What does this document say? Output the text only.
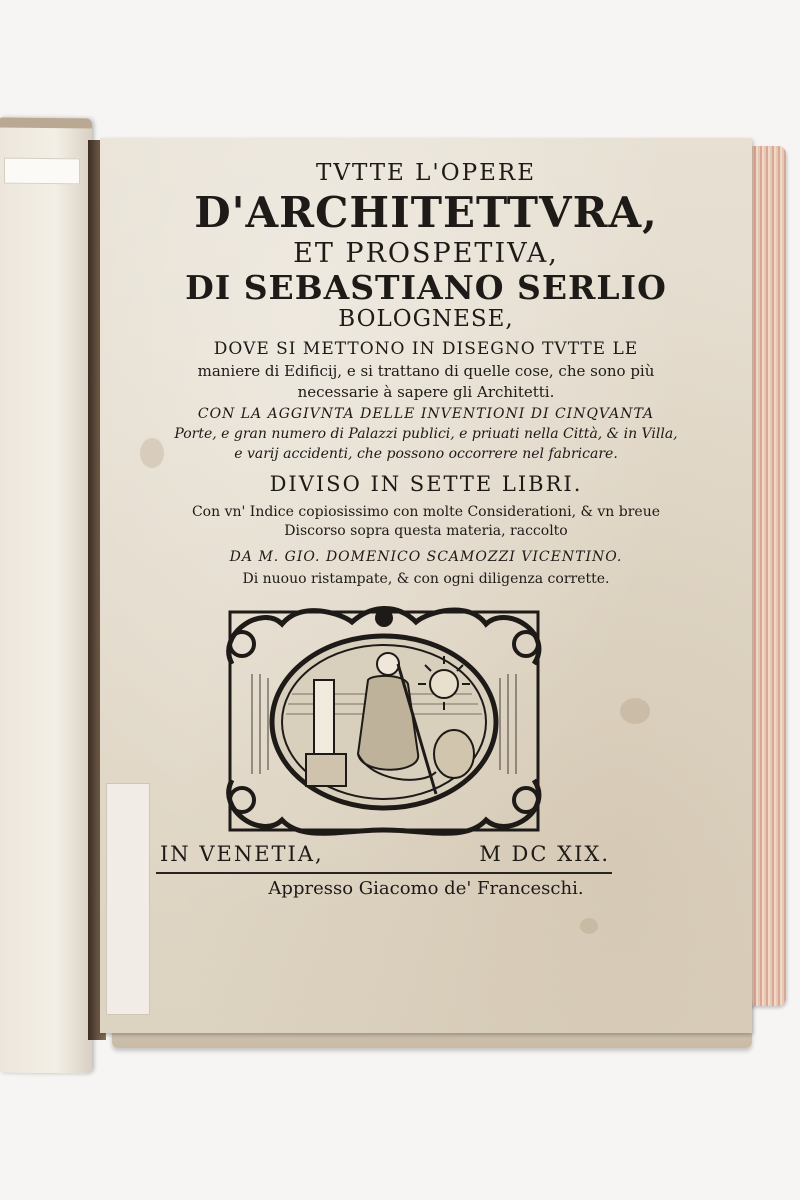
TVTTE L'OPERE
D'ARCHITETTVRA,
ET PROSPETIVA,
DI SEBASTIANO SERLIO
BOLOGNESE,
DOVE SI METTONO IN DISEGNO TVTTE LE
maniere di Edificij, e si trattano di quelle cose, che sono più
necessarie à sapere gli Architetti.
CON LA AGGIVNTA DELLE INVENTIONI DI CINQVANTA
Porte, e gran numero di Palazzi publici, e priuati nella Città, & in Villa,
e varij accidenti, che possono occorrere nel fabricare.
DIVISO IN SETTE LIBRI.
Con vn' Indice copiosissimo con molte Considerationi, & vn breue
Discorso sopra questa materia, raccolto
DA M. GIO. DOMENICO SCAMOZZI VICENTINO.
Di nuouo ristampate, & con ogni diligenza corrette.
IN VENETIA,	M DC XIX.
Appresso Giacomo de' Franceschi.
